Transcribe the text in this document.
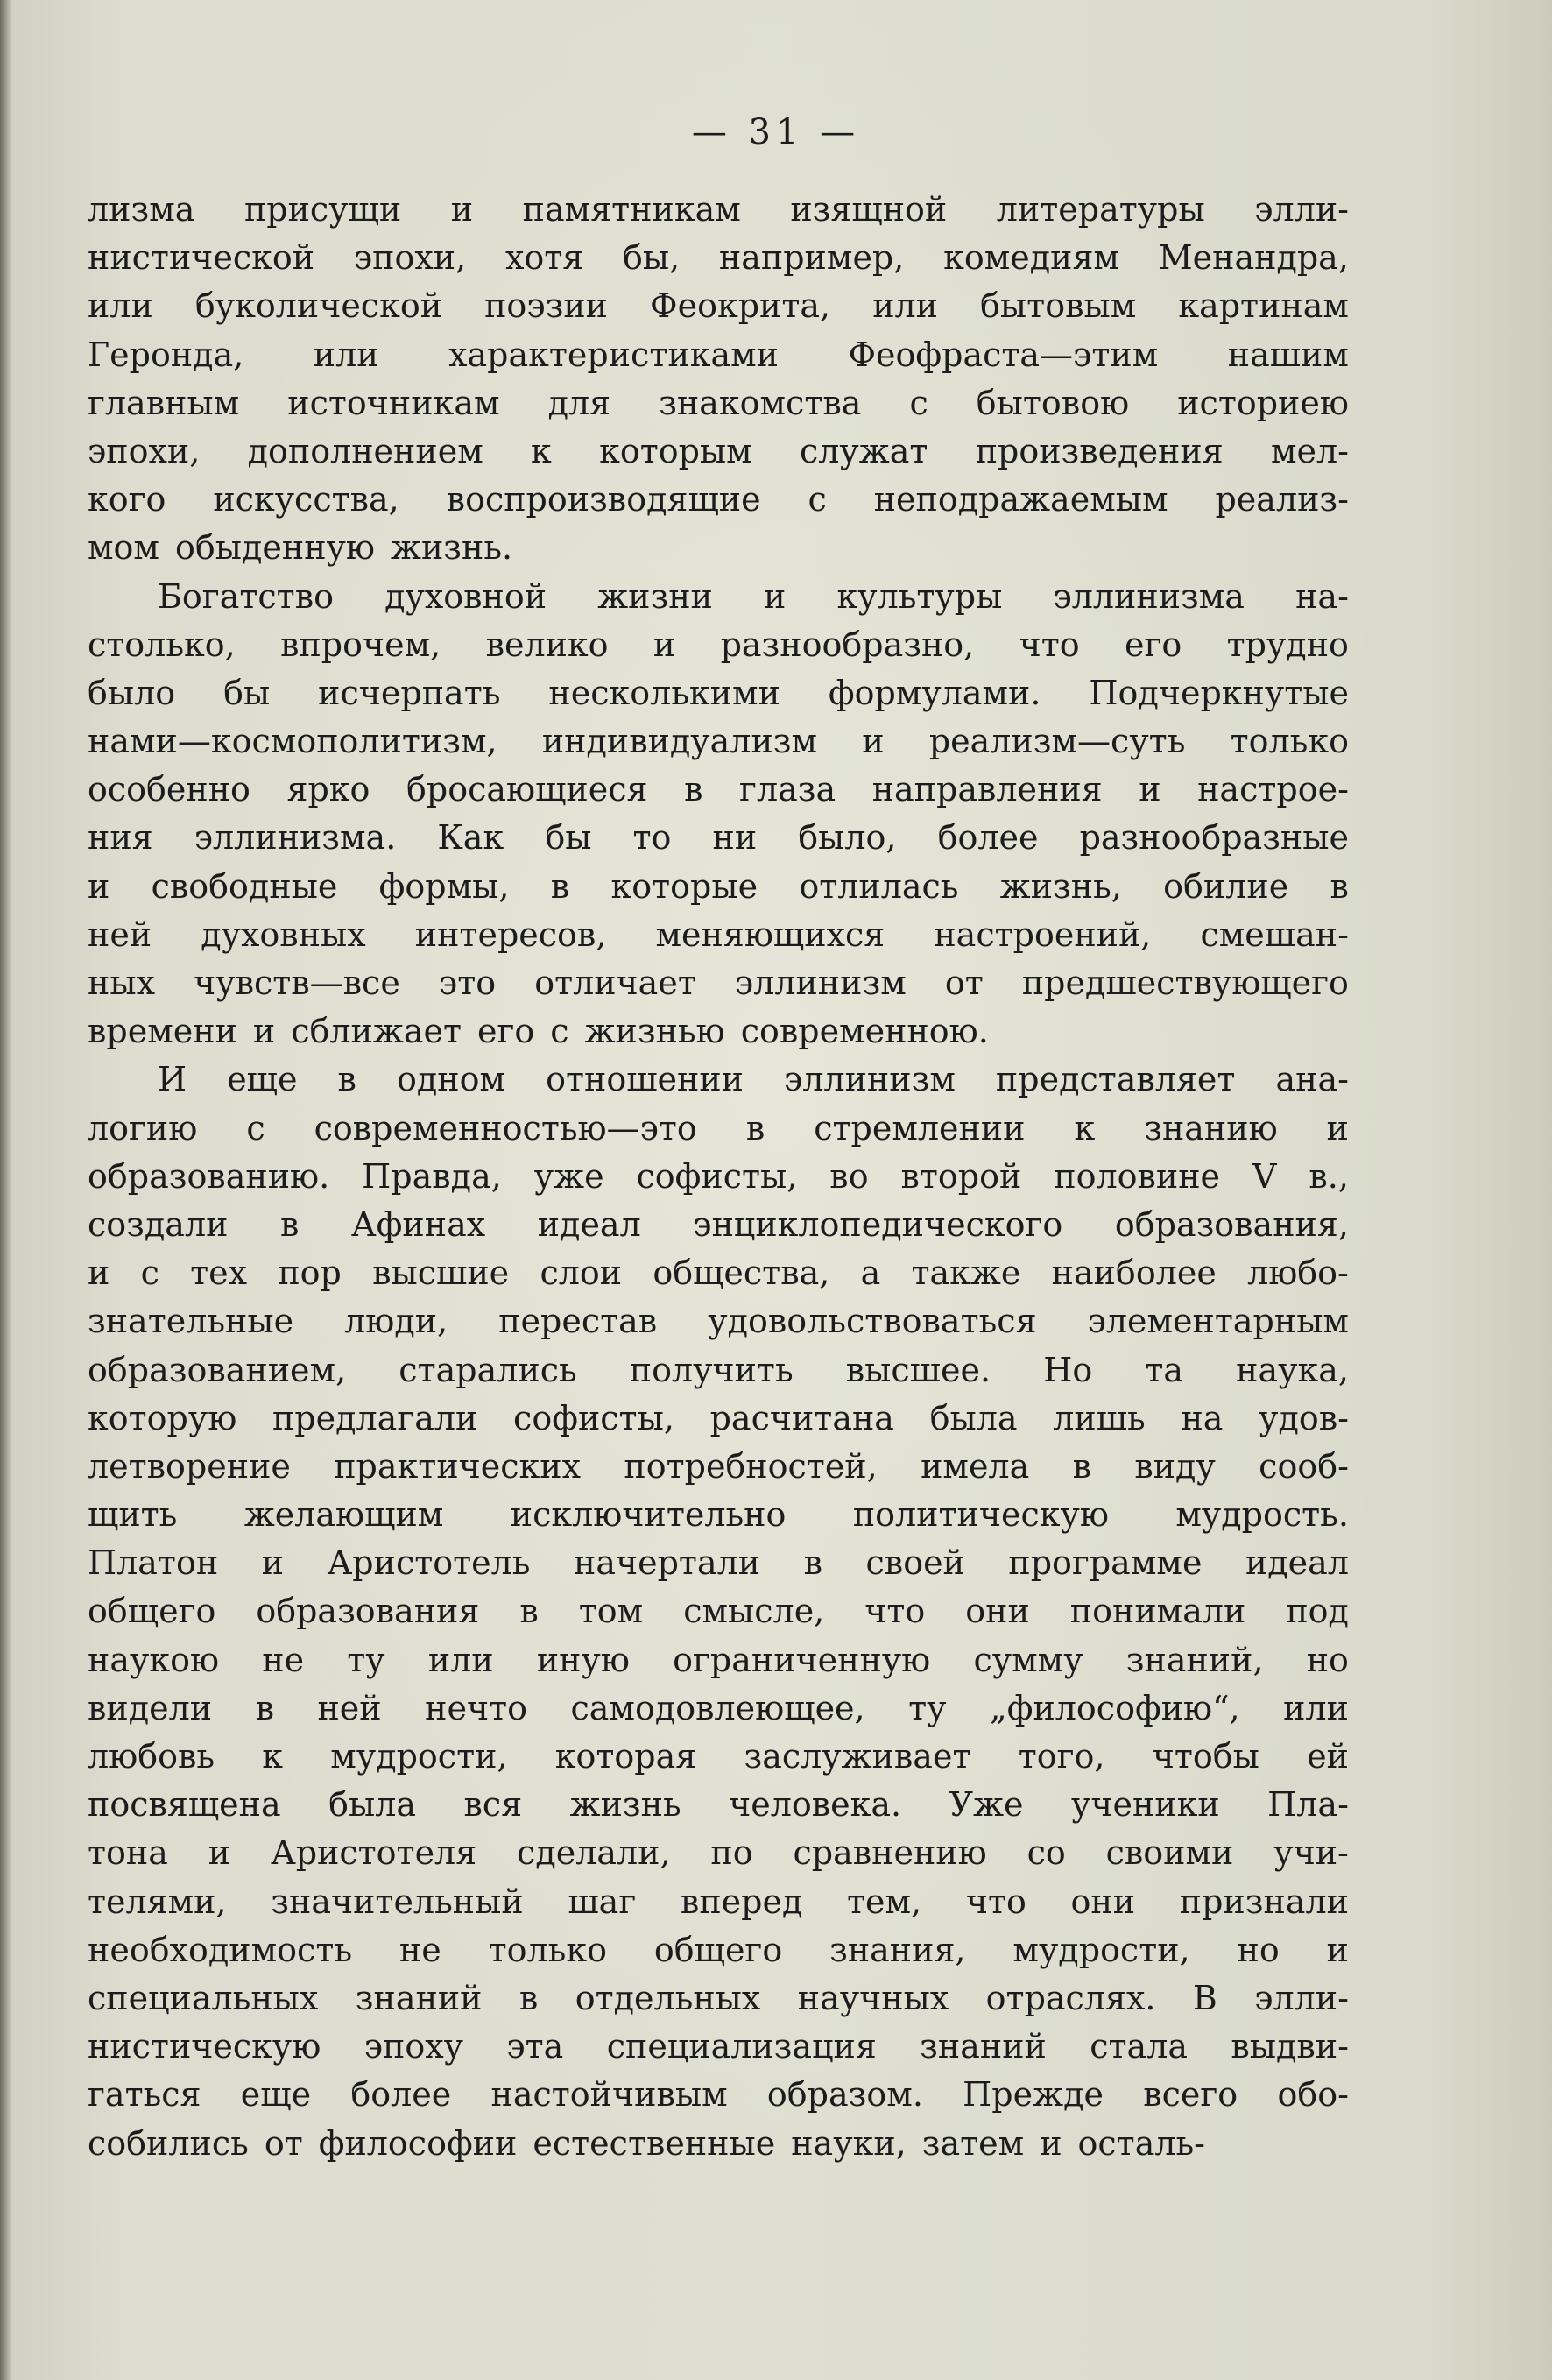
— 31 —
лизма присущи и памятникам изящной литературы элли-
нистической эпохи, хотя бы, например, комедиям Менандра,
или буколической поэзии Феокрита, или бытовым картинам
Геронда, или характеристиками Феофраста—этим нашим
главным источникам для знакомства с бытовою историею
эпохи, дополнением к которым служат произведения мел-
кого искусства, воспроизводящие с неподражаемым реализ-
мом обыденную жизнь.
Богатство духовной жизни и культуры эллинизма на-
столько, впрочем, велико и разнообразно, что его трудно
было бы исчерпать несколькими формулами. Подчеркнутые
нами—космополитизм, индивидуализм и реализм—суть только
особенно ярко бросающиеся в глаза направления и настрое-
ния эллинизма. Как бы то ни было, более разнообразные
и свободные формы, в которые отлилась жизнь, обилие в
ней духовных интересов, меняющихся настроений, смешан-
ных чувств—все это отличает эллинизм от предшествующего
времени и сближает его с жизнью современною.
И еще в одном отношении эллинизм представляет ана-
логию с современностью—это в стремлении к знанию и
образованию. Правда, уже софисты, во второй половине V в.,
создали в Афинах идеал энциклопедического образования,
и с тех пор высшие слои общества, а также наиболее любо-
знательные люди, перестав удовольствоваться элементарным
образованием, старались получить высшее. Но та наука,
которую предлагали софисты, расчитана была лишь на удов-
летворение практических потребностей, имела в виду сооб-
щить желающим исключительно политическую мудрость.
Платон и Аристотель начертали в своей программе идеал
общего образования в том смысле, что они понимали под
наукою не ту или иную ограниченную сумму знаний, но
видели в ней нечто самодовлеющее, ту „философию“, или
любовь к мудрости, которая заслуживает того, чтобы ей
посвящена была вся жизнь человека. Уже ученики Пла-
тона и Аристотеля сделали, по сравнению со своими учи-
телями, значительный шаг вперед тем, что они признали
необходимость не только общего знания, мудрости, но и
специальных знаний в отдельных научных отраслях. В элли-
нистическую эпоху эта специализация знаний стала выдви-
гаться еще более настойчивым образом. Прежде всего обо-
собились от философии естественные науки, затем и осталь-
